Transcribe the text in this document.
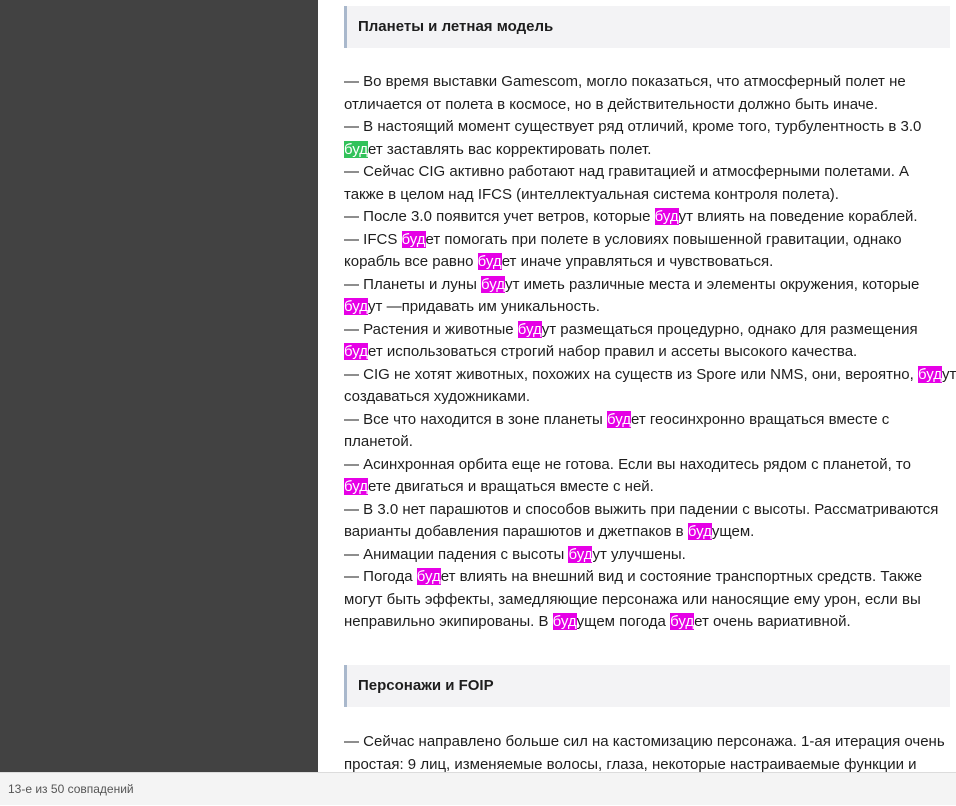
Планеты и летная модель
— Во время выставки Gamescom, могло показаться, что атмосферный полет не
отличается от полета в космосе, но в действительности должно быть иначе.
— В настоящий момент существует ряд отличий, кроме того, турбулентность в 3.0
будет заставлять вас корректировать полет.
— Сейчас CIG активно работают над гравитацией и атмосферными полетами. А
также в целом над IFCS (интеллектуальная система контроля полета).
— После 3.0 появится учет ветров, которые будут влиять на поведение кораблей.
— IFCS будет помогать при полете в условиях повышенной гравитации, однако
корабль все равно будет иначе управляться и чувствоваться.
— Планеты и луны будут иметь различные места и элементы окружения, которые
будут —придавать им уникальность.
— Растения и животные будут размещаться процедурно, однако для размещения
будет использоваться строгий набор правил и ассеты высокого качества.
— CIG не хотят животных, похожих на существ из Spore или NMS, они, вероятно, будут
создаваться художниками.
— Все что находится в зоне планеты будет геосинхронно вращаться вместе с
планетой.
— Асинхронная орбита еще не готова. Если вы находитесь рядом с планетой, то
будете двигаться и вращаться вместе с ней.
— В 3.0 нет парашютов и способов выжить при падении с высоты. Рассматриваются
варианты добавления парашютов и джетпаков в будущем.
— Анимации падения с высоты будут улучшены.
— Погода будет влиять на внешний вид и состояние транспортных средств. Также
могут быть эффекты, замедляющие персонажа или наносящие ему урон, если вы
неправильно экипированы. В будущем погода будет очень вариативной.
Персонажи и FOIP
— Сейчас направлено больше сил на кастомизацию персонажа. 1-ая итерация очень
простая: 9 лиц, изменяемые волосы, глаза, некоторые настраиваемые функции и
13-е из 50 совпадений
